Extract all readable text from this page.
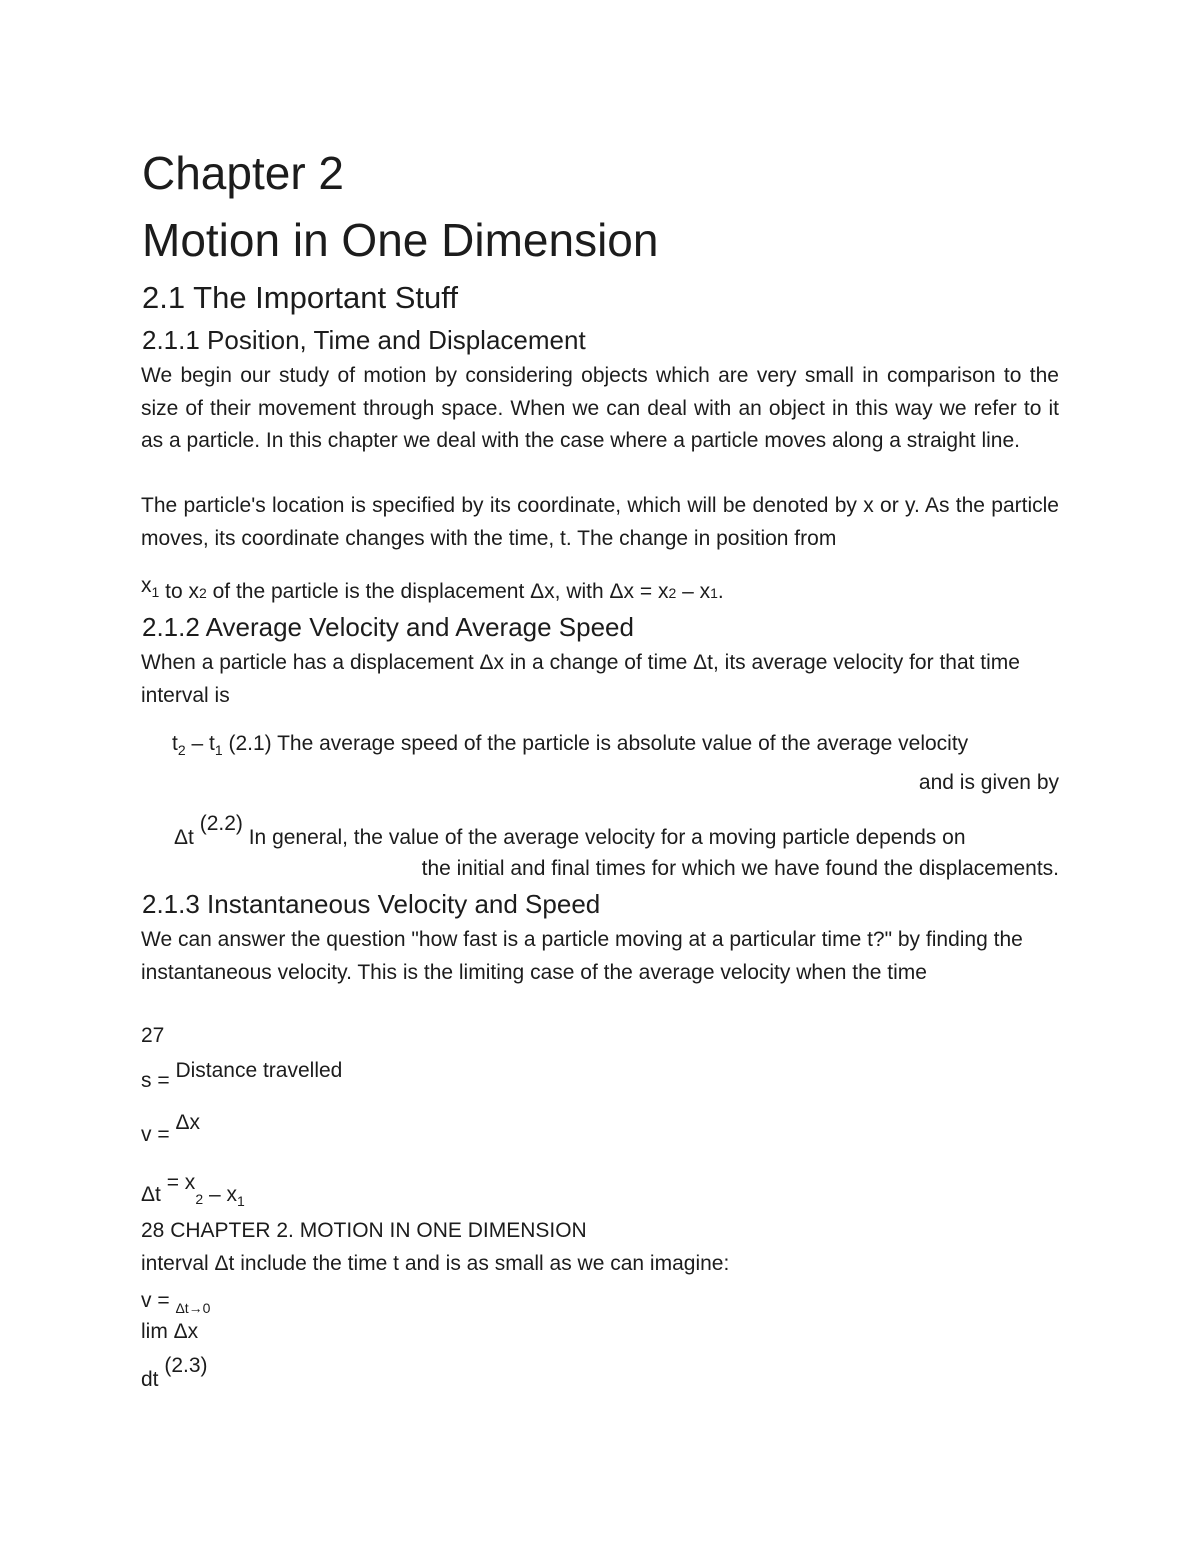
Chapter 2
Motion in One Dimension
2.1 The Important Stuff
2.1.1 Position, Time and Displacement
We begin our study of motion by considering objects which are very small in comparison to the size of their movement through space. When we can deal with an object in this way we refer to it as a particle. In this chapter we deal with the case where a particle moves along a straight line.
The particle's location is specified by its coordinate, which will be denoted by x or y. As the particle moves, its coordinate changes with the time, t. The change in position from
$x_1$ to x2 of the particle is the displacement Δx, with Δx = x2 – x1.
2.1.2 Average Velocity and Average Speed
When a particle has a displacement Δx in a change of time Δt, its average velocity for that time interval is
$t_2 - t_1$ (2.1) The average speed of the particle is absolute value of the average velocity
and is given by
Δt $^{(2.2)}$ In general, the value of the average velocity for a moving particle depends on
the initial and final times for which we have found the displacements.
2.1.3 Instantaneous Velocity and Speed
We can answer the question "how fast is a particle moving at a particular time t?" by finding the instantaneous velocity. This is the limiting case of the average velocity when the time
27
s = Distance travelled
v = Δx
$\Delta t = x_2 - x_1$
28 CHAPTER 2. MOTION IN ONE DIMENSION
interval Δt include the time t and is as small as we can imagine:
v = $_{\Delta t\to 0}$
lim Δx
dt (2.3)
